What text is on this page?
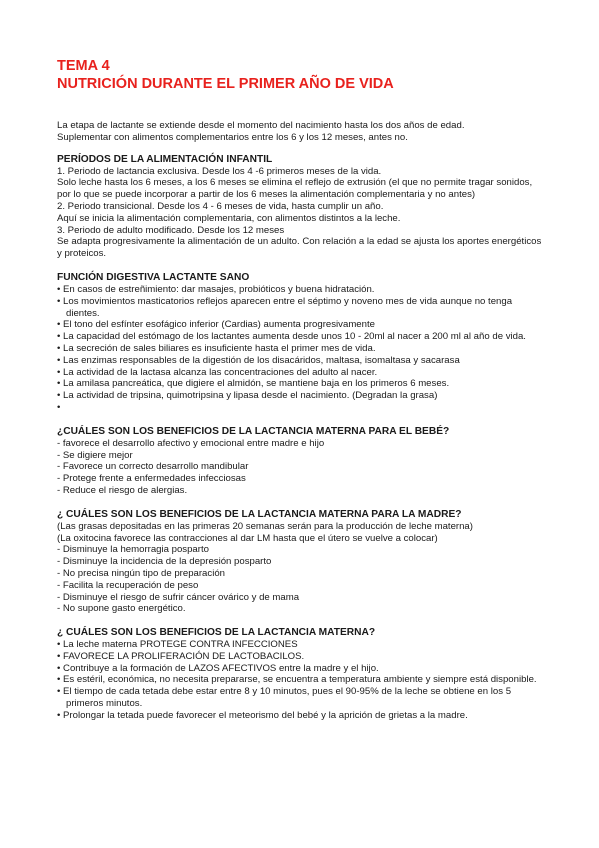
TEMA 4
NUTRICIÓN DURANTE EL PRIMER AÑO DE VIDA

La etapa de lactante se extiende desde el momento del nacimiento hasta los dos años de edad.

Suplementar con alimentos complementarios entre los 6 y los 12 meses, antes no.

PERÍODOS DE LA ALIMENTACIÓN INFANTIL

1. Periodo de lactancia exclusiva. Desde los 4 -6 primeros meses de la vida.

Solo leche hasta los 6 meses, a los 6 meses se elimina el reflejo de extrusión (el que no permite tragar sonidos, por lo que se puede incorporar a partir de los 6 meses la alimentación complementaria y no antes)

2. Periodo transicional. Desde los 4 - 6 meses de vida, hasta cumplir un año.

Aquí se inicia la alimentación complementaria, con alimentos distintos a la leche.

3. Periodo de adulto modificado. Desde los 12 meses

Se adapta progresivamente la alimentación de un adulto. Con relación a la edad se ajusta los aportes energéticos y proteicos.

FUNCIÓN DIGESTIVA LACTANTE SANO

• En casos de estreñimiento: dar masajes, probióticos y buena hidratación.

• Los movimientos masticatorios reflejos aparecen entre el séptimo y noveno mes de vida aunque no tenga dientes.

• El tono del esfínter esofágico inferior (Cardias) aumenta progresivamente

• La capacidad del estómago de los lactantes aumenta desde unos 10 - 20ml al nacer a 200 ml al año de vida.

• La secreción de sales biliares es insuficiente hasta el primer mes de vida.

• Las enzimas responsables de la digestión de los disacáridos, maltasa, isomaltasa y sacarasa

• La actividad de la lactasa alcanza las concentraciones del adulto al nacer.

• La amilasa pancreática, que digiere el almidón, se mantiene baja en los primeros 6 meses.

• La actividad de tripsina, quimotripsina y lipasa desde el nacimiento. (Degradan la grasa)

•

¿CUÁLES SON LOS BENEFICIOS DE LA LACTANCIA MATERNA PARA EL BEBÉ?

- favorece el desarrollo afectivo y emocional entre madre e hijo

- Se digiere mejor

- Favorece un correcto desarrollo mandibular

- Protege frente a enfermedades infecciosas

- Reduce el riesgo de alergias.

¿ CUÁLES SON LOS BENEFICIOS DE LA LACTANCIA MATERNA PARA LA MADRE?

(Las grasas depositadas en las primeras 20 semanas serán para la producción de leche materna)

(La oxitocina favorece las contracciones al dar LM hasta que el útero se vuelve a colocar)

- Disminuye la hemorragia posparto

- Disminuye la incidencia de la depresión posparto

- No precisa ningún tipo de preparación

- Facilita la recuperación de peso

- Disminuye el riesgo de sufrir cáncer ovárico y de mama

- No supone gasto energético.

¿ CUÁLES SON LOS BENEFICIOS DE LA LACTANCIA MATERNA?

• La leche materna PROTEGE CONTRA INFECCIONES

• FAVORECE LA PROLIFERACIÓN DE LACTOBACILOS.

• Contribuye a la formación de LAZOS AFECTIVOS entre la madre y el hijo.

• Es estéril, económica, no necesita prepararse, se encuentra a temperatura ambiente y siempre está disponible.

• El tiempo de cada tetada debe estar entre 8 y 10 minutos, pues el 90-95% de la leche se obtiene en los 5 primeros minutos.

• Prolongar la tetada puede favorecer el meteorismo del bebé y la aprición de grietas a la madre.
